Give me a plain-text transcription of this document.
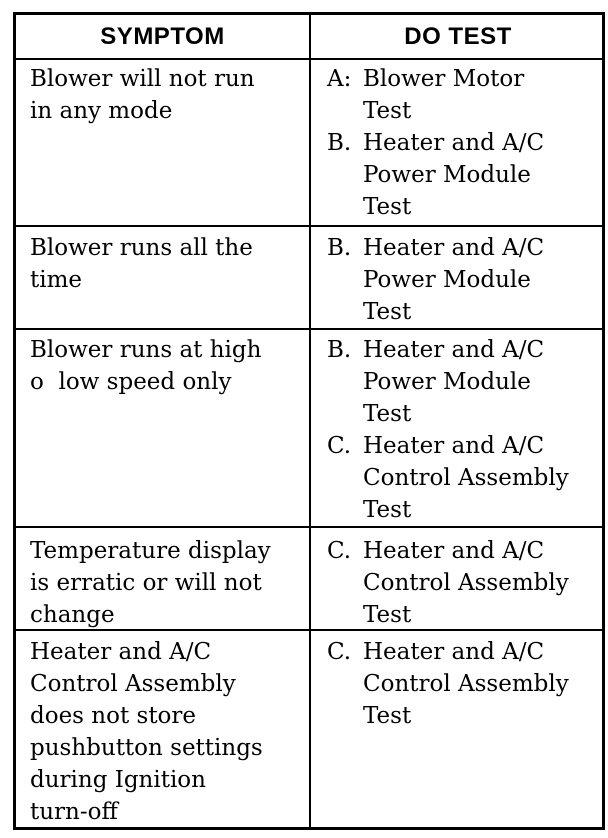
SYMPTOM	DO TEST
Blower will not run
in any mode
A: Blower Motor
Test
B. Heater and A/C
Power Module
Test
Blower runs all the
time
B. Heater and A/C
Power Module
Test
Blower runs at high
o  low speed only
B. Heater and A/C
Power Module
Test
C. Heater and A/C
Control Assembly
Test
Temperature display
is erratic or will not
change
C. Heater and A/C
Control Assembly
Test
Heater and A/C
Control Assembly
does not store
pushbutton settings
during Ignition
turn-off
C. Heater and A/C
Control Assembly
Test
